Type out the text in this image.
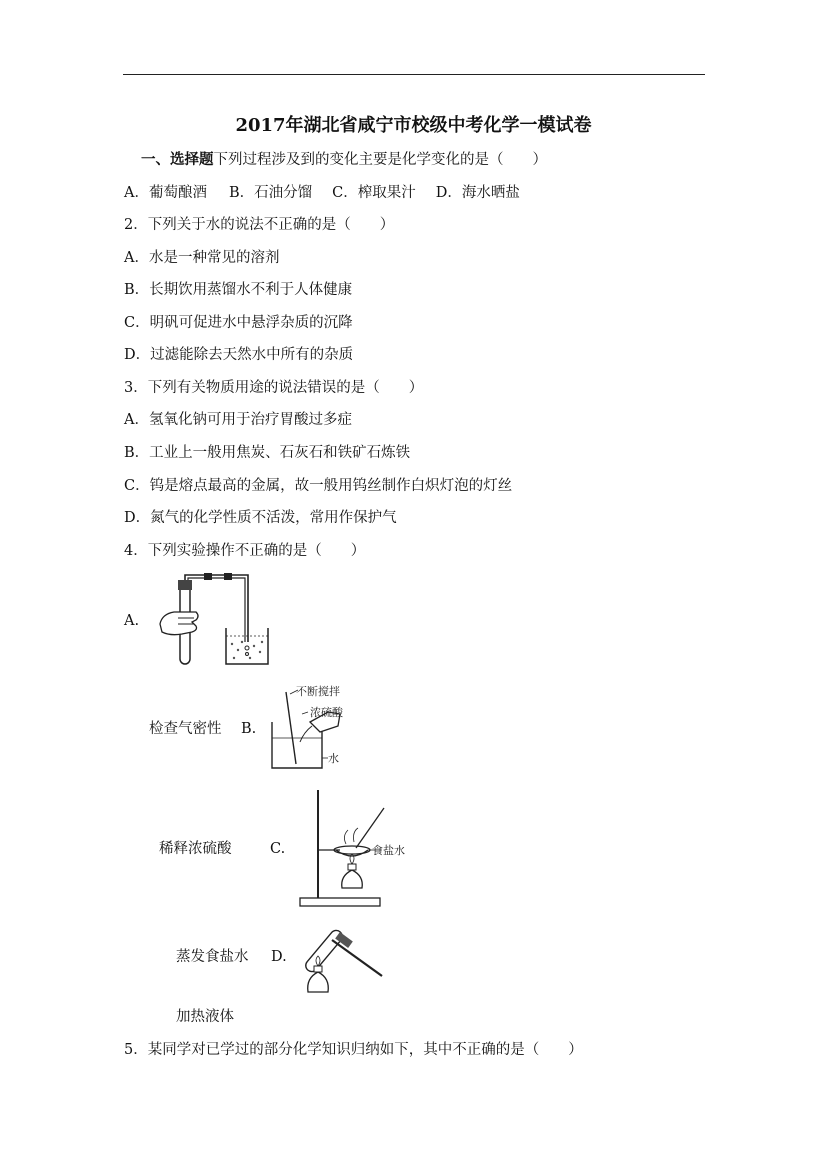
2017年湖北省咸宁市校级中考化学一模试卷
一、选择题下列过程涉及到的变化主要是化学变化的是（　　）
A．葡萄酿酒 B．石油分馏 C．榨取果汁 D．海水晒盐
2．下列关于水的说法不正确的是（　　）
A．水是一种常见的溶剂
B．长期饮用蒸馏水不利于人体健康
C．明矾可促进水中悬浮杂质的沉降
D．过滤能除去天然水中所有的杂质
3．下列有关物质用途的说法错误的是（　　）
A．氢氧化钠可用于治疗胃酸过多症
B．工业上一般用焦炭、石灰石和铁矿石炼铁
C．钨是熔点最高的金属，故一般用钨丝制作白炽灯泡的灯丝
D．氮气的化学性质不活泼，常用作保护气
4．下列实验操作不正确的是（　　）
A.
检查气密性 B.
不断搅拌
浓硫酸
水
稀释浓硫酸	C.	食盐水
蒸发食盐水 D.
加热液体
5．某同学对已学过的部分化学知识归纳如下，其中不正确的是（　　）
